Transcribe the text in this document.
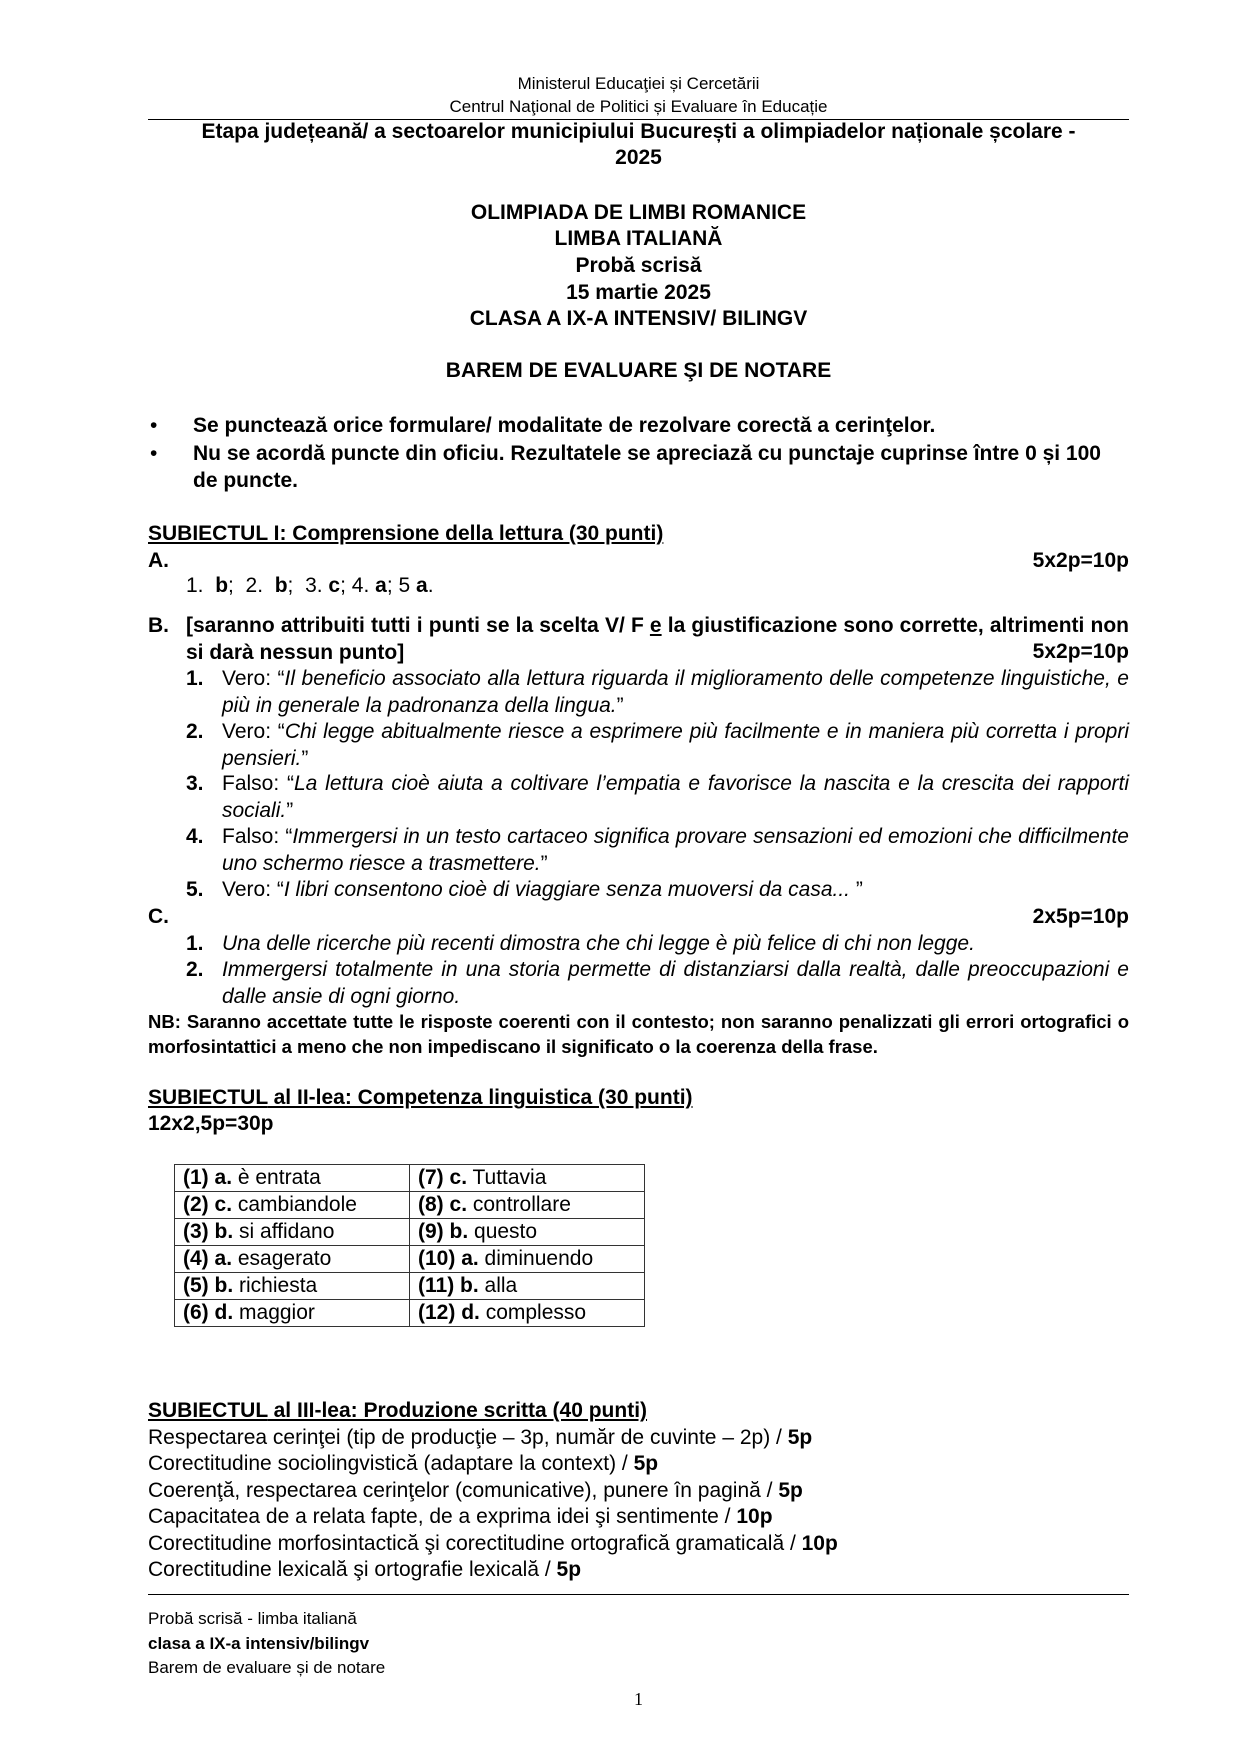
Ministerul Educaţiei și Cercetării
Centrul Naţional de Politici și Evaluare în Educație
Etapa județeană/ a sectoarelor municipiului București a olimpiadelor naționale școlare -
2025
OLIMPIADA DE LIMBI ROMANICE
LIMBA ITALIANĂ
Probă scrisă
15 martie 2025
CLASA A IX-A INTENSIV/ BILINGV
BAREM DE EVALUARE ŞI DE NOTARE
• Se punctează orice formulare/ modalitate de rezolvare corectă a cerinţelor.
• Nu se acordă puncte din oficiu. Rezultatele se apreciază cu punctaje cuprinse între 0 și 100 de puncte.
SUBIECTUL I: Comprensione della lettura (30 punti)
A.	5x2p=10p
1. b;  2. b;  3. c; 4. a; 5 a.
B. [saranno attribuiti tutti i punti se la scelta V/ F e la giustificazione sono corrette, altrimenti non si darà nessun punto]	5x2p=10p
1. Vero: “Il beneficio associato alla lettura riguarda il miglioramento delle competenze linguistiche, e più in generale la padronanza della lingua.”
2. Vero: “Chi legge abitualmente riesce a esprimere più facilmente e in maniera più corretta i propri pensieri.”
3. Falso: “La lettura cioè aiuta a coltivare l’empatia e favorisce la nascita e la crescita dei rapporti sociali.”
4. Falso: “Immergersi in un testo cartaceo significa provare sensazioni ed emozioni che difficilmente uno schermo riesce a trasmettere.”
5. Vero: “I libri consentono cioè di viaggiare senza muoversi da casa... ”
C.	2x5p=10p
1. Una delle ricerche più recenti dimostra che chi legge è più felice di chi non legge.
2. Immergersi totalmente in una storia permette di distanziarsi dalla realtà, dalle preoccupazioni e dalle ansie di ogni giorno.
NB: Saranno accettate tutte le risposte coerenti con il contesto; non saranno penalizzati gli errori ortografici o morfosintattici a meno che non impediscano il significato o la coerenza della frase.
SUBIECTUL al II-lea: Competenza linguistica (30 punti)
12x2,5p=30p
(1) a. è entrata	(7) c. Tuttavia
(2) c. cambiandole	(8) c. controllare
(3) b. si affidano	(9) b. questo
(4) a. esagerato	(10) a. diminuendo
(5) b. richiesta	(11) b. alla
(6) d. maggior	(12) d. complesso
SUBIECTUL al III-lea: Produzione scritta (40 punti)
Respectarea cerinţei (tip de producţie – 3p, număr de cuvinte – 2p) / 5p
Corectitudine sociolingvistică (adaptare la context) / 5p
Coerenţă, respectarea cerinţelor (comunicative), punere în pagină / 5p
Capacitatea de a relata fapte, de a exprima idei şi sentimente / 10p
Corectitudine morfosintactică şi corectitudine ortografică gramaticală / 10p
Corectitudine lexicală şi ortografie lexicală / 5p
Probă scrisă - limba italiană
clasa a IX-a intensiv/bilingv
Barem de evaluare și de notare
1
